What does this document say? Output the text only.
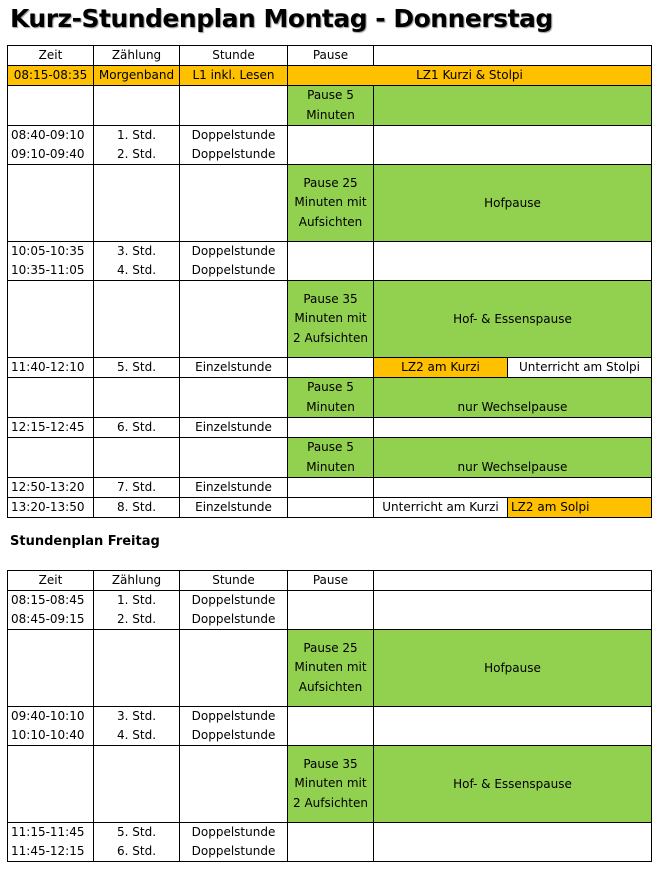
Kurz-Stundenplan Montag - Donnerstag
Zeit	Zählung	Stunde	Pause		
08:15-08:35	Morgenband	L1 inkl. Lesen	LZ1 Kurzi & Stolpi		
			Pause 5 Minuten		
08:40-09:10	1. Std.	Doppelstunde			
09:10-09:40	2. Std.	Doppelstunde			
			Pause 25 Minuten mit Aufsichten	Hofpause	
10:05-10:35	3. Std.	Doppelstunde			
10:35-11:05	4. Std.	Doppelstunde			
			Pause 35 Minuten mit 2 Aufsichten	Hof- & Essenspause	
11:40-12:10	5. Std.	Einzelstunde		LZ2 am Kurzi	Unterricht am Stolpi
			Pause 5 Minuten	nur Wechselpause	
12:15-12:45	6. Std.	Einzelstunde			
			Pause 5 Minuten	nur Wechselpause	
12:50-13:20	7. Std.	Einzelstunde			
13:20-13:50	8. Std.	Einzelstunde		Unterricht am Kurzi	LZ2 am Solpi
Stundenplan Freitag
Zeit	Zählung	Stunde	Pause	
08:15-08:45	1. Std.	Doppelstunde		
08:45-09:15	2. Std.	Doppelstunde		
			Pause 25 Minuten mit Aufsichten	Hofpause
09:40-10:10	3. Std.	Doppelstunde		
10:10-10:40	4. Std.	Doppelstunde		
			Pause 35 Minuten mit 2 Aufsichten	Hof- & Essenspause
11:15-11:45	5. Std.	Doppelstunde		
11:45-12:15	6. Std.	Doppelstunde		
